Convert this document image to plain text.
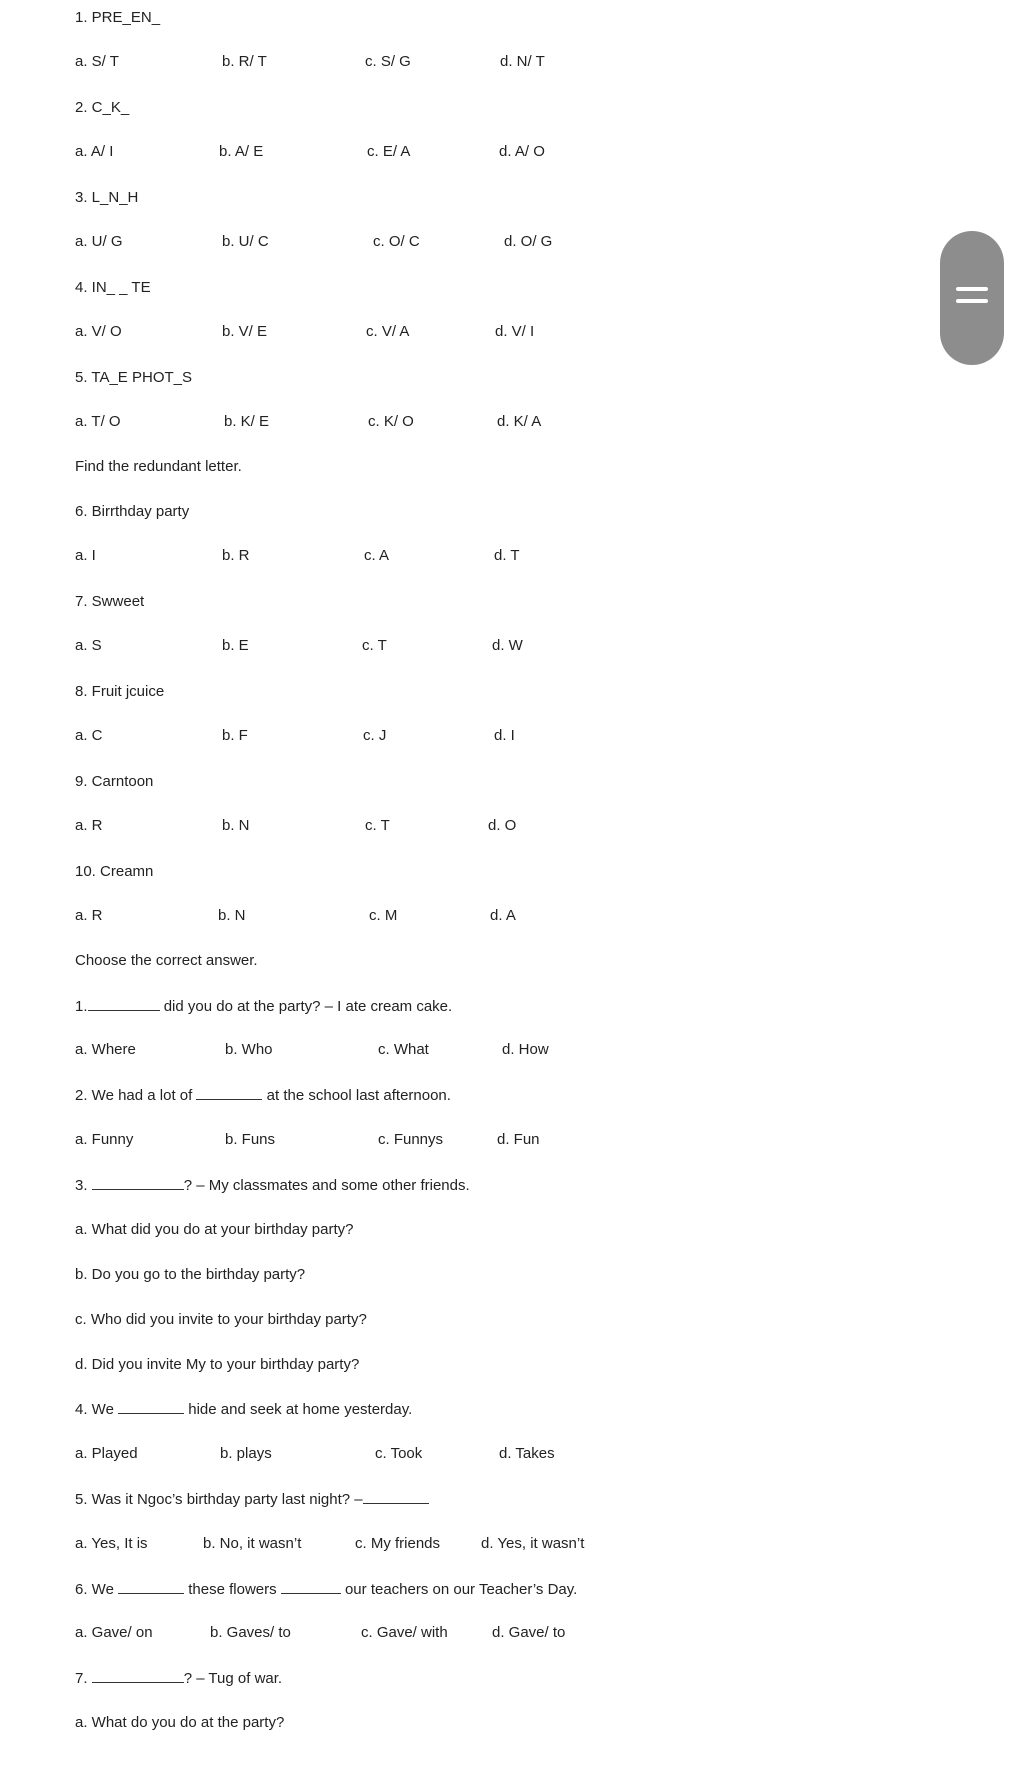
1. PRE_EN_
a. S/ T	b. R/ T	c. S/ G	d. N/ T
2. C_K_
a. A/ I	b. A/ E	c. E/ A	d. A/ O
3. L_N_H
a. U/ G	b. U/ C	c. O/ C	d. O/ G
4. IN_ _ TE
a. V/ O	b. V/ E	c. V/ A	d. V/ I
5. TA_E PHOT_S
a. T/ O	b. K/ E	c. K/ O	d. K/ A
Find the redundant letter.
6. Birrthday party
a. I	b. R	c. A	d. T
7. Swweet
a. S	b. E	c. T	d. W
8. Fruit jcuice
a. C	b. F	c. J	d. I
9. Carntoon
a. R	b. N	c. T	d. O
10. Creamn
a. R	b. N	c. M	d. A
Choose the correct answer.
1.	did you do at the party? – I ate cream cake.
a. Where	b. Who	c. What	d. How
2. We had a lot of	at the school last afternoon.
a. Funny	b. Funs	c. Funnys	d. Fun
3.	? – My classmates and some other friends.
a. What did you do at your birthday party?
b. Do you go to the birthday party?
c. Who did you invite to your birthday party?
d. Did you invite My to your birthday party?
4. We	hide and seek at home yesterday.
a. Played	b. plays	c. Took	d. Takes
5. Was it Ngoc’s birthday party last night? –
a. Yes, It is	b. No, it wasn’t	c. My friends	d. Yes, it wasn’t
6. We	these flowers	our teachers on our Teacher’s Day.
a. Gave/ on	b. Gaves/ to	c. Gave/ with	d. Gave/ to
7.	? – Tug of war.
a. What do you do at the party?
